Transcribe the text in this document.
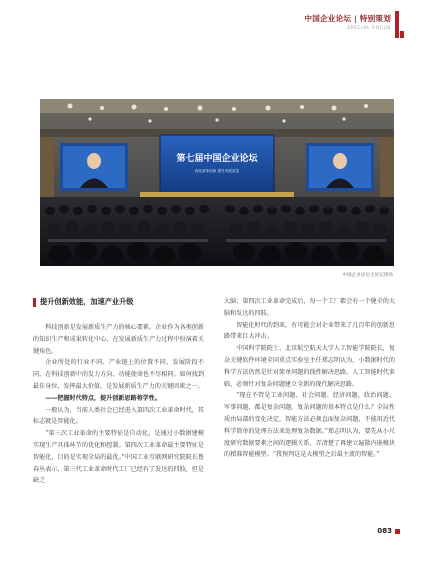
中国企业论坛 | 特别策划
SPECIAL FOCUS
第七届中国企业论坛
深化改革创新 提升发展质量
中国企业论坛主论坛现场
提升创新效能，加速产业升级

科技创新是发展新质生产力的核心要素。企业作为各类创新的知识生产和成果转化中心，在发展新质生产力过程中扮演着关键角色。

企业所处的行业不同、产业链上的位置不同、发展阶段不同，在科技创新中的发力方向、功能使命也不尽相同。如何找到最佳身位，发挥最大价值，是发展新质生产力的关键因素之一。

——把握时代特点，提升创新思路将学性。

一般认为，当前人类社会已经进入第四次工业革命时代，其标志就是智能化。

“第三次工业革命的主要特征是自动化，是通过小数据建模实现生产具体环节的优化和控制。第四次工业革命最主要特征是智能化，目的是实现全局的最优。”中国工业互联网研究院院长鲁春丛表示，第三代工业革命时代工厂已经有了发达的四肢，但是缺乏

大脑；第四次工业革命完成后，每一个工厂都会有一个健全的大脑和发达的四肢。

智能化时代的到来，有可能会对企业带来了几百年的创新思路带来巨大冲击。

中国科学院院士、北京航空航天大学人工智能学院院长，复杂关键软件环境全国重点实验室主任郑志明认为，小数据时代的科学方法仍然是针对简单问题的线性解决思路，人工智能时代来临，必须针对复杂问题建立全新的现代解决思路。

“现在不管是工业问题、社会问题、经济问题、政治问题、军事问题，都是复杂问题。复杂问题的基本特点是什么？全局性质由局部的变化决定，智能方法必须直面复杂问题，不能用近代科学简单的处理方法来处理复杂数据。”郑志明认为，要先从小尺度研究数据要素之间的逻辑关系，弄清楚了再建立遍散内嵌模块的精准智能模型。“我预判这是大模型之后最主流的智能。”

083
